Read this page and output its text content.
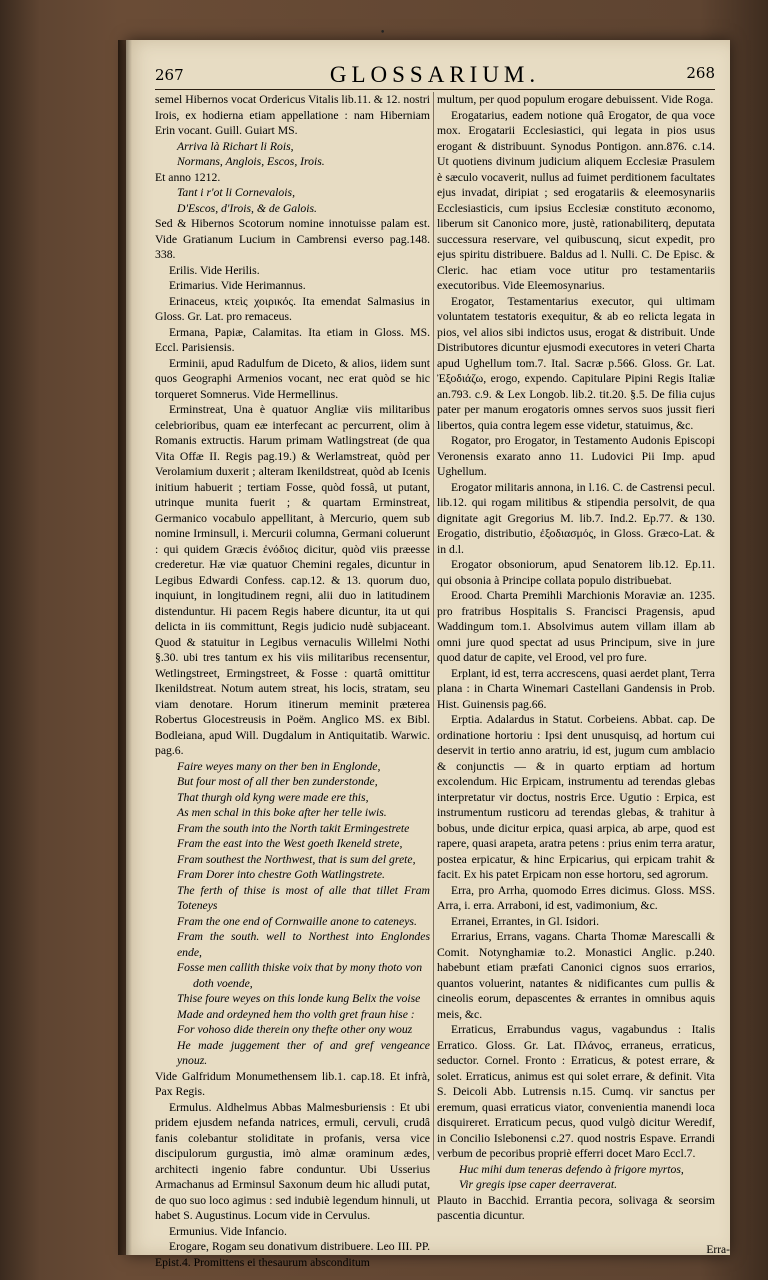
•
267	GLOSSARIUM.	268

semel Hibernos vocat Ordericus Vitalis lib.11. & 12. nostri Irois, ex hodierna etiam appellatione : nam Hiberniam Erin vocant. Guill. Guiart MS.

Arriva là Richart li Rois,

Normans, Anglois, Escos, Irois.

Et anno 1212.

Tant i r'ot li Cornevalois,

D'Escos, d'Irois, & de Galois.

Sed & Hibernos Scotorum nomine innotuisse palam est. Vide Gratianum Lucium in Cambrensi everso pag.148. 338.

Erilis. Vide Herilis.

Erimarius. Vide Herimannus.

Erinaceus, κτεὶς χοιρικός. Ita emendat Salmasius in Gloss. Gr. Lat. pro remaceus.

Ermana, Papiæ, Calamitas. Ita etiam in Gloss. MS. Eccl. Parisiensis.

Erminii, apud Radulfum de Diceto, & alios, iidem sunt quos Geographi Armenios vocant, nec erat quòd se hic torqueret Somnerus. Vide Hermellinus.

Erminstreat, Una è quatuor Angliæ viis militaribus celebrioribus, quam eæ interfecant ac percurrent, olim à Romanis extructis. Harum primam Watlingstreat (de qua Vita Offæ II. Regis pag.19.) & Werlamstreat, quòd per Verolamium duxerit ; alteram Ikenildstreat, quòd ab Icenis initium habuerit ; tertiam Fosse, quòd fossâ, ut putant, utrinque munita fuerit ; & quartam Erminstreat, Germanico vocabulo appellitant, à Mercurio, quem sub nomine Irminsull, i. Mercurii columna, Germani coluerunt : qui quidem Græcis ἐνόδιος dicitur, quòd viis præesse crederetur. Hæ viæ quatuor Chemini regales, dicuntur in Legibus Edwardi Confess. cap.12. & 13. quorum duo, inquiunt, in longitudinem regni, alii duo in latitudinem distenduntur. Hi pacem Regis habere dicuntur, ita ut qui delicta in iis committunt, Regis judicio nudè subjaceant. Quod & statuitur in Legibus vernaculis Willelmi Nothi §.30. ubi tres tantum ex his viis militaribus recensentur, Wetlingstreet, Ermingstreet, & Fosse : quartâ omittitur Ikenildstreat. Notum autem streat, his locis, stratam, seu viam denotare. Horum itinerum meminit præterea Robertus Glocestreusis in Poëm. Anglico MS. ex Bibl. Bodleiana, apud Will. Dugdalum in Antiquitatib. Warwic. pag.6.

Faire weyes many on ther ben in Englonde,

But four most of all ther ben zunderstonde,

That thurgh old kyng were made ere this,

As men schal in this boke after her telle iwis.

Fram the south into the North takit Ermingestrete

Fram the east into the West goeth Ikeneld strete,

Fram southest the Northwest, that is sum del grete,

Fram Dorer into chestre Goth Watlingstrete.

The ferth of thise is most of alle that tillet Fram Toteneys

Fram the one end of Cornwaille anone to cateneys.

Fram the south. well to Northest into Englondes ende,

Fosse men callith thiske voix that by mony thoto von

doth voende,

Thise foure weyes on this londe kung Belix the voise

Made and ordeyned hem tho volth gret fraun hise :

For vohoso dide therein ony thefte other ony wouz

He made juggement ther of and gref vengeance ynouz.

Vide Galfridum Monumethensem lib.1. cap.18. Et infrà, Pax Regis.

Ermulus. Aldhelmus Abbas Malmesburiensis : Et ubi pridem ejusdem nefanda natrices, ermuli, cervuli, crudâ fanis colebantur stoliditate in profanis, versa vice discipulorum gurgustia, imò almæ oraminum ædes, architecti ingenio fabre conduntur. Ubi Usserius Armachanus ad Erminsul Saxonum deum hic alludi putat, de quo suo loco agimus : sed indubiè legendum hinnuli, ut habet S. Augustinus. Locum vide in Cervulus.

Ermunius. Vide Infancio.

Erogare, Rogam seu donativum distribuere. Leo III. PP. Epist.4. Promittens ei thesaurum absconditum

multum, per quod populum erogare debuissent. Vide Roga.

Erogatarius, eadem notione quâ Erogator, de qua voce mox. Erogatarii Ecclesiastici, qui legata in pios usus erogant & distribuunt. Synodus Pontigon. ann.876. c.14. Ut quotiens divinum judicium aliquem Ecclesiæ Prasulem è sæculo vocaverit, nullus ad fuimet perditionem facultates ejus invadat, diripiat ; sed erogatariis & eleemosynariis Ecclesiasticis, cum ipsius Ecclesiæ constituto æconomo, liberum sit Canonico more, justè, rationabiliterq, deputata successura reservare, vel quibuscunq, sicut expedit, pro ejus spiritu distribuere. Baldus ad l. Nulli. C. De Episc. & Cleric. hac etiam voce utitur pro testamentariis executoribus. Vide Eleemosynarius.

Erogator, Testamentarius executor, qui ultimam voluntatem testatoris exequitur, & ab eo relicta legata in pios, vel alios sibi indictos usus, erogat & distribuit. Unde Distributores dicuntur ejusmodi executores in veteri Charta apud Ughellum tom.7. Ital. Sacræ p.566. Gloss. Gr. Lat. Ἐξοδιάζω, erogo, expendo. Capitulare Pipini Regis Italiæ an.793. c.9. & Lex Longob. lib.2. tit.20. §.5. De filia cujus pater per manum erogatoris omnes servos suos jussit fieri libertos, quia contra legem esse videtur, statuimus, &c.

Rogator, pro Erogator, in Testamento Audonis Episcopi Veronensis exarato anno 11. Ludovici Pii Imp. apud Ughellum.

Erogator militaris annona, in l.16. C. de Castrensi pecul. lib.12. qui rogam militibus & stipendia persolvit, de qua dignitate agit Gregorius M. lib.7. Ind.2. Ep.77. & 130. Erogatio, distributio, ἐξοδιασμός, in Gloss. Græco-Lat. & in d.l.

Erogator obsoniorum, apud Senatorem lib.12. Ep.11. qui obsonia à Principe collata populo distribuebat.

Erood. Charta Premihli Marchionis Moraviæ an. 1235. pro fratribus Hospitalis S. Francisci Pragensis, apud Waddingum tom.1. Absolvimus autem villam illam ab omni jure quod spectat ad usus Principum, sive in jure quod datur de capite, vel Erood, vel pro fure.

Erplant, id est, terra accrescens, quasi aerdet plant, Terra plana : in Charta Winemari Castellani Gandensis in Prob. Hist. Guinensis pag.66.

Erptia. Adalardus in Statut. Corbeiens. Abbat. cap. De ordinatione hortoriu : Ipsi dent unusquisq, ad hortum cui deservit in tertio anno aratriu, id est, jugum cum amblacio & conjunctis — & in quarto erptiam ad hortum excolendum. Hic Erpicam, instrumentu ad terendas glebas interpretatur vir doctus, nostris Erce. Ugutio : Erpica, est instrumentum rusticoru ad terendas glebas, & trahitur à bobus, unde dicitur erpica, quasi arpica, ab arpe, quod est rapere, quasi arapeta, aratra petens : prius enim terra aratur, postea erpicatur, & hinc Erpicarius, qui erpicam trahit & facit. Ex his patet Erpicam non esse hortoru, sed agrorum.

Erra, pro Arrha, quomodo Erres dicimus. Gloss. MSS. Arra, i. erra. Arraboni, id est, vadimonium, &c.

Erranei, Errantes, in Gl. Isidori.

Errarius, Errans, vagans. Charta Thomæ Marescalli & Comit. Notynghamiæ to.2. Monastici Anglic. p.240. habebunt etiam præfati Canonici cignos suos errarios, quantos voluerint, natantes & nidificantes cum pullis & cineolis eorum, depascentes & errantes in omnibus aquis meis, &c.

Erraticus, Errabundus vagus, vagabundus : Italis Erratico. Gloss. Gr. Lat. Πλάνος, erraneus, erraticus, seductor. Cornel. Fronto : Erraticus, & potest errare, & solet. Erraticus, animus est qui solet errare, & definit. Vita S. Deicoli Abb. Lutrensis n.15. Cumq. vir sanctus per eremum, quasi erraticus viator, convenientia manendi loca disquireret. Erraticum pecus, quod vulgò dicitur Weredif, in Concilio Islebonensi c.27. quod nostris Espave. Errandi verbum de pecoribus propriè efferri docet Maro Eccl.7.

Huc mihi dum teneras defendo à frigore myrtos,

Vir gregis ipse caper deerraverat.

Plauto in Bacchid. Errantia pecora, solivaga & seorsim pascentia dicuntur.

Erra-
